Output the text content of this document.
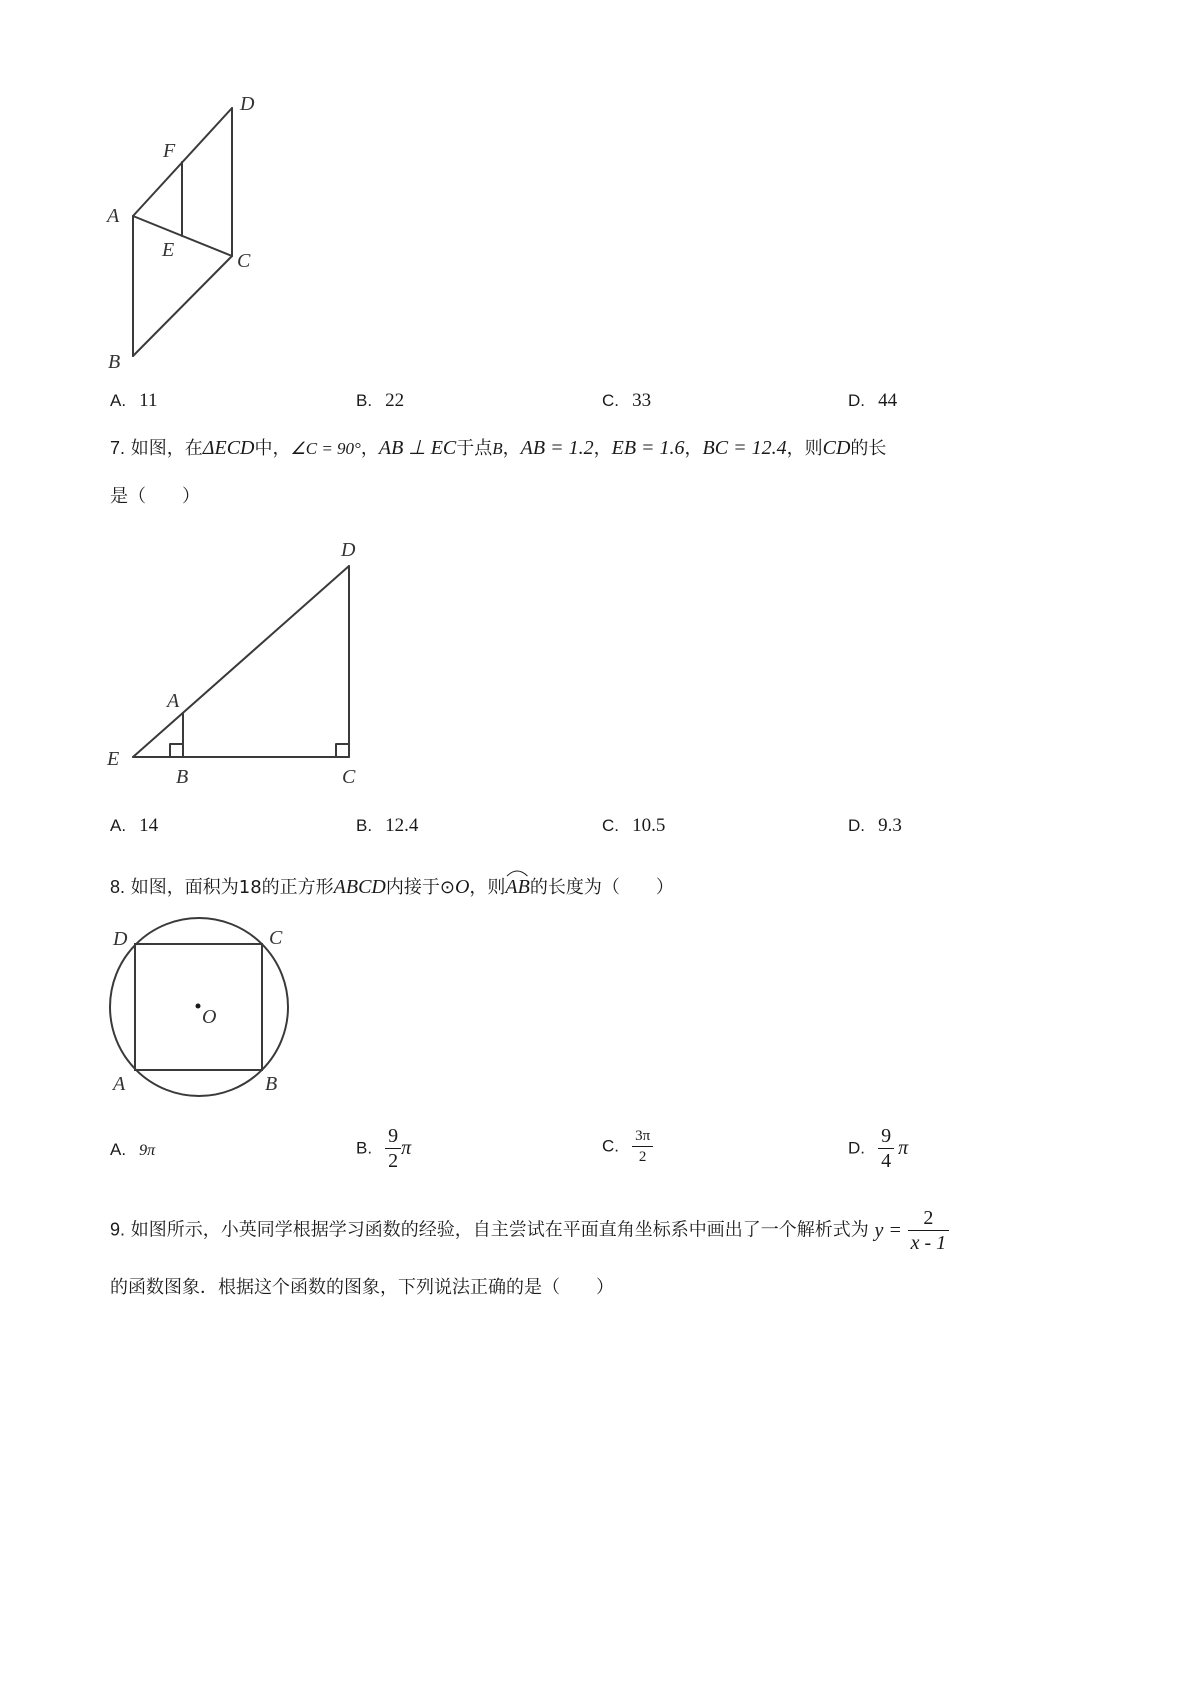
D
F
A
E	C
B
A. 11	B. 22	C. 33	D. 44
7. 如图，在ΔECD中，∠C = 90°，AB ⊥ EC于点B，AB = 1.2，EB = 1.6，BC = 12.4，则CD的长
是（　　）
D
A
E
B	C
A. 14	B. 12.4	C. 10.5	D. 9.3
8. 如图，面积为18的正方形ABCD内接于⊙O，则AB
的长度为（　　）
D	C
O
A	B
A. 9π	B. $\frac{9}{2}$ π	C. $\frac{3\pi}{2}$	D. $\frac{9}{4}$ π
9. 如图所示，小英同学根据学习函数的经验，自主尝试在平面直角坐标系中画出了一个解析式为 $y = \frac{2}{x - 1}$
的函数图象．根据这个函数的图象，下列说法正确的是（　　）
